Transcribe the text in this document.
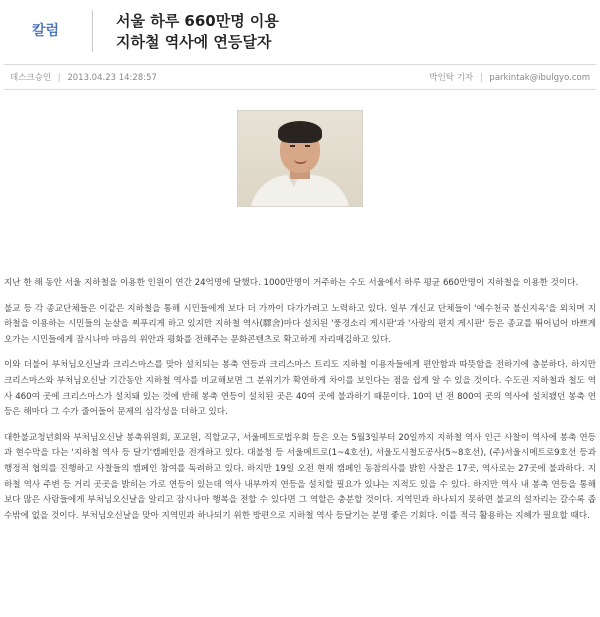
칼럼
서울 하루 660만명 이용
지하철 역사에 연등달자
데스크승인 | 2013.04.23 14:28:57	박인탁 기자 | parkintak@ibulgyo.com

지난 한 해 동안 서울 지하철을 이용한 인원이 연간 24억명에 달했다. 1000만명이 거주하는 수도 서울에서 하루 평균 660만명이 지하철을 이용한 것이다.

불교 등 각 종교단체들은 이같은 지하철을 통해 시민들에게 보다 더 가까이 다가가려고 노력하고 있다. 일부 개신교 단체들이 '예수천국 불신지옥'을 외치며 지하철을 이용하는 시민들의 눈살을 찌푸리게 하고 있지만 지하철 역사(驛舍)마다 설치된 '풍경소리 게시판'과 '사랑의 편지 게시판' 등은 종교를 뛰어넘어 바쁘게 오가는 시민들에게 잠시나마 마음의 위안과 평화를 전해주는 문화콘텐츠로 확고하게 자리매김하고 있다.

이와 더불어 부처님오신날과 크리스마스를 맞아 설치되는 봉축 연등과 크리스마스 트리도 지하철 이용자들에게 편안함과 따뜻함을 전하기에 충분하다. 하지만 크리스마스와 부처님오신날 기간동안 지하철 역사를 비교해보면 그 분위기가 확연하게 차이를 보인다는 점을 쉽게 알 수 있을 것이다. 수도권 지하철과 철도 역사 460여 곳에 크리스마스가 설치돼 있는 것에 반해 봉축 연등이 설치된 곳은 40여 곳에 불과하기 때문이다. 10여 년 전 800여 곳의 역사에 설치됐던 봉축 연등은 해마다 그 수가 줄어들어 문제의 심각성을 더하고 있다.

대한불교청년회와 부처님오신날 봉축위원회, 포교원, 직할교구, 서울메트로법우회 등은 오는 5월3일부터 20일까지 지하철 역사 인근 사찰이 역사에 봉축 연등과 현수막을 다는 '지하철 역사 등 달기'캠페인을 전개하고 있다. 대불청 등 서울메트로(1~4호선), 서울도시철도공사(5~8호선), (주)서울시메트로9호선 등과 행정적 협의를 진행하고 사찰들의 캠페인 참여를 독려하고 있다. 하지만 19일 오전 현재 캠페인 동참의사를 밝힌 사찰은 17곳, 역사로는 27곳에 불과하다. 지하철 역사 주변 등 거리 곳곳을 밝히는 가로 연등이 있는데 역사 내부까지 연등을 설치할 필요가 있냐는 지적도 있을 수 있다. 하지만 역사 내 봉축 연등을 통해 보다 많은 사람들에게 부처님오신날을 알리고 잠시나마 행복을 전할 수 있다면 그 역할은 충분할 것이다. 지역민과 하나되지 못하면 불교의 설자리는 갈수록 좁 수밖에 없을 것이다. 부처님오신날을 맞아 지역민과 하나되기 위한 방편으로 지하철 역사 등달기는 분명 좋은 기회다. 이를 적극 활용하는 지혜가 필요할 때다.
